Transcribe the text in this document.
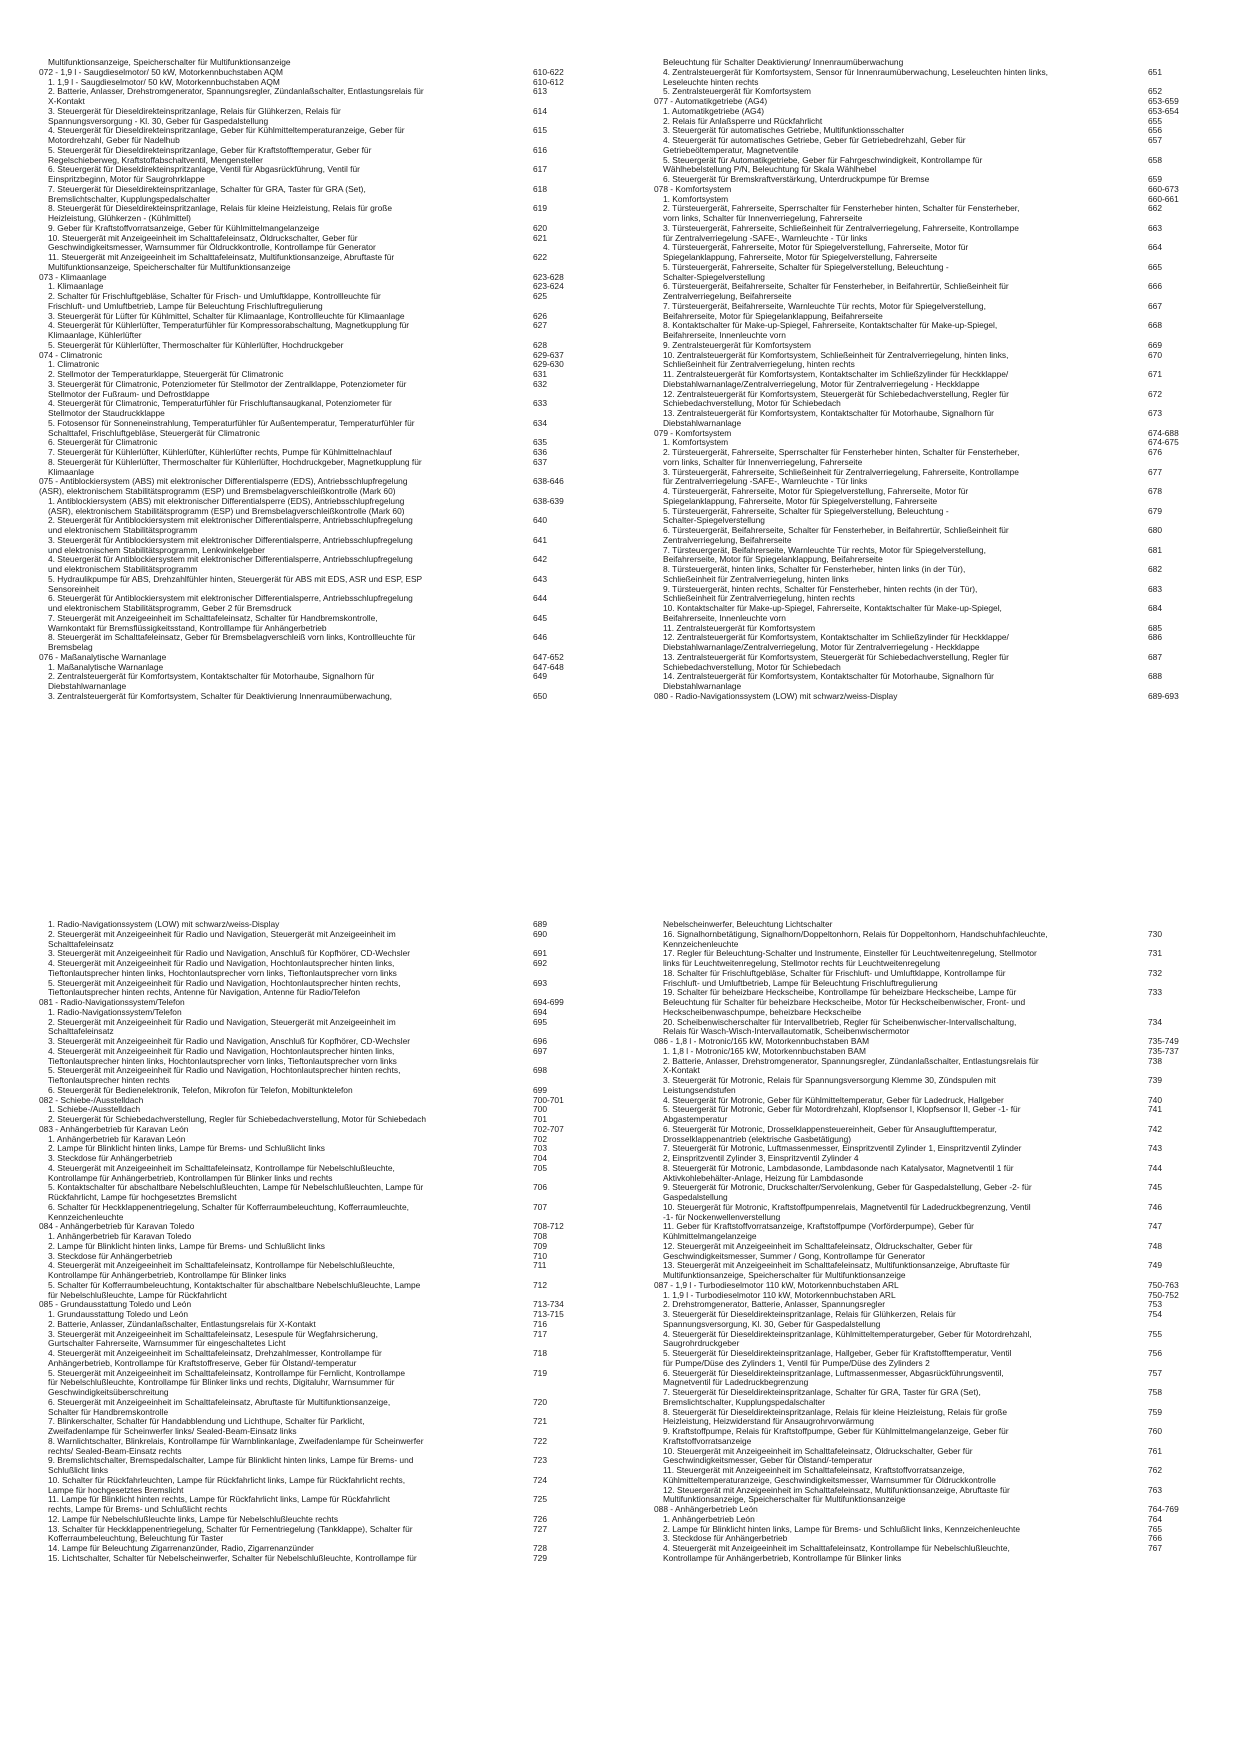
Multifunktionsanzeige, Speicherschalter für Multifunktionsanzeige
072 - 1,9 l - Saugdieselmotor/ 50 kW, Motorkennbuchstaben AQM	610-622
1. 1,9 l - Saugdieselmotor/ 50 kW, Motorkennbuchstaben AQM	610-612
2. Batterie, Anlasser, Drehstromgenerator, Spannungsregler, Zündanlaßschalter, Entlastungsrelais für	613
X-Kontakt
3. Steuergerät für Dieseldirekteinspritzanlage, Relais für Glühkerzen, Relais für	614
Spannungsversorgung - Kl. 30, Geber für Gaspedalstellung
4. Steuergerät für Dieseldirekteinspritzanlage, Geber für Kühlmitteltemperaturanzeige, Geber für	615
Motordrehzahl, Geber für Nadelhub
5. Steuergerät für Dieseldirekteinspritzanlage, Geber für Kraftstofftemperatur, Geber für	616
Regelschieberweg, Kraftstoffabschaltventil, Mengensteller
6. Steuergerät für Dieseldirekteinspritzanlage, Ventil für Abgasrückführung, Ventil für	617
Einspritzbeginn, Motor für Saugrohrklappe
7. Steuergerät für Dieseldirekteinspritzanlage, Schalter für GRA, Taster für GRA (Set),	618
Bremslichtschalter, Kupplungspedalschalter
8. Steuergerät für Dieseldirekteinspritzanlage, Relais für kleine Heizleistung, Relais für große	619
Heizleistung, Glühkerzen - (Kühlmittel)
9. Geber für Kraftstoffvorratsanzeige, Geber für Kühlmittelmangelanzeige	620
10. Steuergerät mit Anzeigeeinheit im Schalttafeleinsatz, Öldruckschalter, Geber für	621
Geschwindigkeitsmesser, Warnsummer für Öldruckkontrolle, Kontrollampe für Generator
11. Steuergerät mit Anzeigeeinheit im Schalttafeleinsatz, Multifunktionsanzeige, Abruftaste für	622
Multifunktionsanzeige, Speicherschalter für Multifunktionsanzeige
073 - Klimaanlage	623-628
1. Klimaanlage	623-624
2. Schalter für Frischluftgebläse, Schalter für Frisch- und Umluftklappe, Kontrollleuchte für	625
Frischluft- und Umluftbetrieb, Lampe für Beleuchtung Frischluftregulierung
3. Steuergerät für Lüfter für Kühlmittel, Schalter für Klimaanlage, Kontrollleuchte für Klimaanlage	626
4. Steuergerät für Kühlerlüfter, Temperaturfühler für Kompressorabschaltung, Magnetkupplung für	627
Klimaanlage, Kühlerlüfter
5. Steuergerät für Kühlerlüfter, Thermoschalter für Kühlerlüfter, Hochdruckgeber	628
074 - Climatronic	629-637
1. Climatronic	629-630
2. Stellmotor der Temperaturklappe, Steuergerät für Climatronic	631
3. Steuergerät für Climatronic, Potenziometer für Stellmotor der Zentralklappe, Potenziometer für	632
Stellmotor der Fußraum- und Defrostklappe
4. Steuergerät für Climatronic, Temperaturfühler für Frischluftansaugkanal, Potenziometer für	633
Stellmotor der Staudruckklappe
5. Fotosensor für Sonneneinstrahlung, Temperaturfühler für Außentemperatur, Temperaturfühler für	634
Schalttafel, Frischluftgebläse, Steuergerät für Climatronic
6. Steuergerät für Climatronic	635
7. Steuergerät für Kühlerlüfter, Kühlerlüfter, Kühlerlüfter rechts, Pumpe für Kühlmittelnachlauf	636
8. Steuergerät für Kühlerlüfter, Thermoschalter für Kühlerlüfter, Hochdruckgeber, Magnetkupplung für	637
Klimaanlage
075 - Antiblockiersystem (ABS) mit elektronischer Differentialsperre (EDS), Antriebsschlupfregelung	638-646
(ASR), elektronischem Stabilitätsprogramm (ESP) und Bremsbelagverschleißkontrolle (Mark 60)
1. Antiblockiersystem (ABS) mit elektronischer Differentialsperre (EDS), Antriebsschlupfregelung	638-639
(ASR), elektronischem Stabilitätsprogramm (ESP) und Bremsbelagverschleißkontrolle (Mark 60)
2. Steuergerät für Antiblockiersystem mit elektronischer Differentialsperre, Antriebsschlupfregelung	640
und elektronischem Stabilitätsprogramm
3. Steuergerät für Antiblockiersystem mit elektronischer Differentialsperre, Antriebsschlupfregelung	641
und elektronischem Stabilitätsprogramm, Lenkwinkelgeber
4. Steuergerät für Antiblockiersystem mit elektronischer Differentialsperre, Antriebsschlupfregelung	642
und elektronischem Stabilitätsprogramm
5. Hydraulikpumpe für ABS, Drehzahlfühler hinten, Steuergerät für ABS mit EDS, ASR und ESP, ESP	643
Sensoreinheit
6. Steuergerät für Antiblockiersystem mit elektronischer Differentialsperre, Antriebsschlupfregelung	644
und elektronischem Stabilitätsprogramm, Geber 2 für Bremsdruck
7. Steuergerät mit Anzeigeeinheit im Schalttafeleinsatz, Schalter für Handbremskontrolle,	645
Warnkontakt für Bremsflüssigkeitsstand, Kontrolllampe für Anhängerbetrieb
8. Steuergerät im Schalttafeleinsatz, Geber für Bremsbelagverschleiß vorn links, Kontrollleuchte für	646
Bremsbelag
076 - Maßanalytische Warnanlage	647-652
1. Maßanalytische Warnanlage	647-648
2. Zentralsteuergerät für Komfortsystem, Kontaktschalter für Motorhaube, Signalhorn für	649
Diebstahlwarnanlage
3. Zentralsteuergerät für Komfortsystem, Schalter für Deaktivierung Innenraumüberwachung,	650
Beleuchtung für Schalter Deaktivierung/ Innenraumüberwachung
4. Zentralsteuergerät für Komfortsystem, Sensor für Innenraumüberwachung, Leseleuchten hinten links,	651
Leseleuchte hinten rechts
5. Zentralsteuergerät für Komfortsystem	652
077 - Automatikgetriebe (AG4)	653-659
1. Automatikgetriebe (AG4)	653-654
2. Relais für Anlaßsperre und Rückfahrlicht	655
3. Steuergerät für automatisches Getriebe, Multifunktionsschalter	656
4. Steuergerät für automatisches Getriebe, Geber für Getriebedrehzahl, Geber für	657
Getriebeöltemperatur, Magnetventile
5. Steuergerät für Automatikgetriebe, Geber für Fahrgeschwindigkeit, Kontrollampe für	658
Wählhebelstellung P/N, Beleuchtung für Skala Wählhebel
6. Steuergerät für Bremskraftverstärkung, Unterdruckpumpe für Bremse	659
078 - Komfortsystem	660-673
1. Komfortsystem	660-661
2. Türsteuergerät, Fahrerseite, Sperrschalter für Fensterheber hinten, Schalter für Fensterheber,	662
vorn links, Schalter für Innenverriegelung, Fahrerseite
3. Türsteuergerät, Fahrerseite, Schließeinheit für Zentralverriegelung, Fahrerseite, Kontrollampe	663
für Zentralverriegelung -SAFE-, Warnleuchte - Tür links
4. Türsteuergerät, Fahrerseite, Motor für Spiegelverstellung, Fahrerseite, Motor für	664
Spiegelanklappung, Fahrerseite, Motor für Spiegelverstellung, Fahrerseite
5. Türsteuergerät, Fahrerseite, Schalter für Spiegelverstellung, Beleuchtung -	665
Schalter-Spiegelverstellung
6. Türsteuergerät, Beifahrerseite, Schalter für Fensterheber, in Beifahrertür, Schließeinheit für	666
Zentralverriegelung, Beifahrerseite
7. Türsteuergerät, Beifahrerseite, Warnleuchte Tür rechts, Motor für Spiegelverstellung,	667
Beifahrerseite, Motor für Spiegelanklappung, Beifahrerseite
8. Kontaktschalter für Make-up-Spiegel, Fahrerseite, Kontaktschalter für Make-up-Spiegel,	668
Beifahrerseite, Innenleuchte vorn
9. Zentralsteuergerät für Komfortsystem	669
10. Zentralsteuergerät für Komfortsystem, Schließeinheit für Zentralverriegelung, hinten links,	670
Schließeinheit für Zentralverriegelung, hinten rechts
11. Zentralsteuergerät für Komfortsystem, Kontaktschalter im Schließzylinder für Heckklappe/	671
Diebstahlwarnanlage/Zentralverriegelung, Motor für Zentralverriegelung - Heckklappe
12. Zentralsteuergerät für Komfortsystem, Steuergerät für Schiebedachverstellung, Regler für	672
Schiebedachverstellung, Motor für Schiebedach
13. Zentralsteuergerät für Komfortsystem, Kontaktschalter für Motorhaube, Signalhorn für	673
Diebstahlwarnanlage
079 - Komfortsystem	674-688
1. Komfortsystem	674-675
2. Türsteuergerät, Fahrerseite, Sperrschalter für Fensterheber hinten, Schalter für Fensterheber,	676
vorn links, Schalter für Innenverriegelung, Fahrerseite
3. Türsteuergerät, Fahrerseite, Schließeinheit für Zentralverriegelung, Fahrerseite, Kontrollampe	677
für Zentralverriegelung -SAFE-, Warnleuchte - Tür links
4. Türsteuergerät, Fahrerseite, Motor für Spiegelverstellung, Fahrerseite, Motor für	678
Spiegelanklappung, Fahrerseite, Motor für Spiegelverstellung, Fahrerseite
5. Türsteuergerät, Fahrerseite, Schalter für Spiegelverstellung, Beleuchtung -	679
Schalter-Spiegelverstellung
6. Türsteuergerät, Beifahrerseite, Schalter für Fensterheber, in Beifahrertür, Schließeinheit für	680
Zentralverriegelung, Beifahrerseite
7. Türsteuergerät, Beifahrerseite, Warnleuchte Tür rechts, Motor für Spiegelverstellung,	681
Beifahrerseite, Motor für Spiegelanklappung, Beifahrerseite
8. Türsteuergerät, hinten links, Schalter für Fensterheber, hinten links (in der Tür),	682
Schließeinheit für Zentralverriegelung, hinten links
9. Türsteuergerät, hinten rechts, Schalter für Fensterheber, hinten rechts (in der Tür),	683
Schließeinheit für Zentralverriegelung, hinten rechts
10. Kontaktschalter für Make-up-Spiegel, Fahrerseite, Kontaktschalter für Make-up-Spiegel,	684
Beifahrerseite, Innenleuchte vorn
11. Zentralsteuergerät für Komfortsystem	685
12. Zentralsteuergerät für Komfortsystem, Kontaktschalter im Schließzylinder für Heckklappe/	686
Diebstahlwarnanlage/Zentralverriegelung, Motor für Zentralverriegelung - Heckklappe
13. Zentralsteuergerät für Komfortsystem, Steuergerät für Schiebedachverstellung, Regler für	687
Schiebedachverstellung, Motor für Schiebedach
14. Zentralsteuergerät für Komfortsystem, Kontaktschalter für Motorhaube, Signalhorn für	688
Diebstahlwarnanlage
080 - Radio-Navigationssystem (LOW) mit schwarz/weiss-Display	689-693
1. Radio-Navigationssystem (LOW) mit schwarz/weiss-Display	689
2. Steuergerät mit Anzeigeeinheit für Radio und Navigation, Steuergerät mit Anzeigeeinheit im	690
Schalttafeleinsatz
3. Steuergerät mit Anzeigeeinheit für Radio und Navigation, Anschluß für Kopfhörer, CD-Wechsler	691
4. Steuergerät mit Anzeigeeinheit für Radio und Navigation, Hochtonlautsprecher hinten links,	692
Tieftonlautsprecher hinten links, Hochtonlautsprecher vorn links, Tieftonlautsprecher vorn links
5. Steuergerät mit Anzeigeeinheit für Radio und Navigation, Hochtonlautsprecher hinten rechts,	693
Tieftonlautsprecher hinten rechts, Antenne für Navigation, Antenne für Radio/Telefon
081 - Radio-Navigationssystem/Telefon	694-699
1. Radio-Navigationssystem/Telefon	694
2. Steuergerät mit Anzeigeeinheit für Radio und Navigation, Steuergerät mit Anzeigeeinheit im	695
Schalttafeleinsatz
3. Steuergerät mit Anzeigeeinheit für Radio und Navigation, Anschluß für Kopfhörer, CD-Wechsler	696
4. Steuergerät mit Anzeigeeinheit für Radio und Navigation, Hochtonlautsprecher hinten links,	697
Tieftonlautsprecher hinten links, Hochtonlautsprecher vorn links, Tieftonlautsprecher vorn links
5. Steuergerät mit Anzeigeeinheit für Radio und Navigation, Hochtonlautsprecher hinten rechts,	698
Tieftonlautsprecher hinten rechts
6. Steuergerät für Bedienelektronik, Telefon, Mikrofon für Telefon, Mobiltunktelefon	699
082 - Schiebe-/Ausstelldach	700-701
1. Schiebe-/Ausstelldach	700
2. Steuergerät für Schiebedachverstellung, Regler für Schiebedachverstellung, Motor für Schiebedach	701
083 - Anhängerbetrieb für Karavan León	702-707
1. Anhängerbetrieb für Karavan León	702
2. Lampe für Blinklicht hinten links, Lampe für Brems- und Schlußlicht links	703
3. Steckdose für Anhängerbetrieb	704
4. Steuergerät mit Anzeigeeinheit im Schalttafeleinsatz, Kontrollampe für Nebelschlußleuchte,	705
Kontrollampe für Anhängerbetrieb, Kontrollampen für Blinker links und rechts
5. Kontaktschalter für abschaltbare Nebelschlußleuchten, Lampe für Nebelschlußleuchten, Lampe für	706
Rückfahrlicht, Lampe für hochgesetztes Bremslicht
6. Schalter für Heckklappenentriegelung, Schalter für Kofferraumbeleuchtung, Kofferraumleuchte,	707
Kennzeichenleuchte
084 - Anhängerbetrieb für Karavan Toledo	708-712
1. Anhängerbetrieb für Karavan Toledo	708
2. Lampe für Blinklicht hinten links, Lampe für Brems- und Schlußlicht links	709
3. Steckdose für Anhängerbetrieb	710
4. Steuergerät mit Anzeigeeinheit im Schalttafeleinsatz, Kontrollampe für Nebelschlußleuchte,	711
Kontrollampe für Anhängerbetrieb, Kontrollampe für Blinker links
5. Schalter für Kofferraumbeleuchtung, Kontaktschalter für abschaltbare Nebelschlußleuchte, Lampe	712
für Nebelschlußleuchte, Lampe für Rückfahrlicht
085 - Grundausstattung Toledo und León	713-734
1. Grundausstattung Toledo und León	713-715
2. Batterie, Anlasser, Zündanlaßschalter, Entlastungsrelais für X-Kontakt	716
3. Steuergerät mit Anzeigeeinheit im Schalttafeleinsatz, Lesespule für Wegfahrsicherung,	717
Gurtschalter Fahrerseite, Warnsummer für eingeschaltetes Licht
4. Steuergerät mit Anzeigeeinheit im Schalttafeleinsatz, Drehzahlmesser, Kontrollampe für	718
Anhängerbetrieb, Kontrollampe für Kraftstoffreserve, Geber für Ölstand/-temperatur
5. Steuergerät mit Anzeigeeinheit im Schalttafeleinsatz, Kontrollampe für Fernlicht, Kontrollampe	719
für Nebelschlußleuchte, Kontrollampe für Blinker links und rechts, Digitaluhr, Warnsummer für
Geschwindigkeitsüberschreitung
6. Steuergerät mit Anzeigeeinheit im Schalttafeleinsatz, Abruftaste für Multifunktionsanzeige,	720
Schalter für Handbremskontrolle
7. Blinkerschalter, Schalter für Handabblendung und Lichthupe, Schalter für Parklicht,	721
Zweifadenlampe für Scheinwerfer links/ Sealed-Beam-Einsatz links
8. Warnlichtschalter, Blinkrelais, Kontrollampe für Warnblinkanlage, Zweifadenlampe für Scheinwerfer	722
rechts/ Sealed-Beam-Einsatz rechts
9. Bremslichtschalter, Bremspedalschalter, Lampe für Blinklicht hinten links, Lampe für Brems- und	723
Schlußlicht links
10. Schalter für Rückfahrleuchten, Lampe für Rückfahrlicht links, Lampe für Rückfahrlicht rechts,	724
Lampe für hochgesetztes Bremslicht
11. Lampe für Blinklicht hinten rechts, Lampe für Rückfahrlicht links, Lampe für Rückfahrlicht	725
rechts, Lampe für Brems- und Schlußlicht rechts
12. Lampe für Nebelschlußleuchte links, Lampe für Nebelschlußleuchte rechts	726
13. Schalter für Heckklappenentriegelung, Schalter für Fernentriegelung (Tankklappe), Schalter für	727
Kofferraumbeleuchtung, Beleuchtung für Taster
14. Lampe für Beleuchtung Zigarrenanzünder, Radio, Zigarrenanzünder	728
15. Lichtschalter, Schalter für Nebelscheinwerfer, Schalter für Nebelschlußleuchte, Kontrollampe für	729
Nebelscheinwerfer, Beleuchtung Lichtschalter
16. Signalhornbetätigung, Signalhorn/Doppeltonhorn, Relais für Doppeltonhorn, Handschuhfachleuchte,	730
Kennzeichenleuchte
17. Regler für Beleuchtung-Schalter und Instrumente, Einsteller für Leuchtweitenregelung, Stellmotor	731
links für Leuchtweitenregelung, Stellmotor rechts für Leuchtweitenregelung
18. Schalter für Frischluftgebläse, Schalter für Frischluft- und Umluftklappe, Kontrollampe für	732
Frischluft- und Umluftbetrieb, Lampe für Beleuchtung Frischluftregulierung
19. Schalter für beheizbare Heckscheibe, Kontrollampe für beheizbare Heckscheibe, Lampe für	733
Beleuchtung für Schalter für beheizbare Heckscheibe, Motor für Heckscheibenwischer, Front- und
Heckscheibenwaschpumpe, beheizbare Heckscheibe
20. Scheibenwischerschalter für Intervallbetrieb, Regler für Scheibenwischer-Intervallschaltung,	734
Relais für Wasch-Wisch-Intervallautomatik, Scheibenwischermotor
086 - 1,8 l - Motronic/165 kW, Motorkennbuchstaben BAM	735-749
1. 1,8 l - Motronic/165 kW, Motorkennbuchstaben BAM	735-737
2. Batterie, Anlasser, Drehstromgenerator, Spannungsregler, Zündanlaßschalter, Entlastungsrelais für	738
X-Kontakt
3. Steuergerät für Motronic, Relais für Spannungsversorgung Klemme 30, Zündspulen mit	739
Leistungsendstufen
4. Steuergerät für Motronic, Geber für Kühlmitteltemperatur, Geber für Ladedruck, Hallgeber	740
5. Steuergerät für Motronic, Geber für Motordrehzahl, Klopfsensor I, Klopfsensor II, Geber -1- für	741
Abgastemperatur
6. Steuergerät für Motronic, Drosselklappensteuereinheit, Geber für Ansauglufttemperatur,	742
Drosselklappenantrieb (elektrische Gasbetätigung)
7. Steuergerät für Motronic, Luftmassenmesser, Einspritzventil Zylinder 1, Einspritzventil Zylinder	743
2, Einspritzventil Zylinder 3, Einspritzventil Zylinder 4
8. Steuergerät für Motronic, Lambdasonde, Lambdasonde nach Katalysator, Magnetventil 1 für	744
Aktivkohlebehälter-Anlage, Heizung für Lambdasonde
9. Steuergerät für Motronic, Druckschalter/Servolenkung, Geber für Gaspedalstellung, Geber -2- für	745
Gaspedalstellung
10. Steuergerät für Motronic, Kraftstoffpumpenrelais, Magnetventil für Ladedruckbegrenzung, Ventil	746
-1- für Nockenwellenverstellung
11. Geber für Kraftstoffvorratsanzeige, Kraftstoffpumpe (Vorförderpumpe), Geber für	747
Kühlmittelmangelanzeige
12. Steuergerät mit Anzeigeeinheit im Schalttafeleinsatz, Öldruckschalter, Geber für	748
Geschwindigkeitsmesser, Summer / Gong, Kontrollampe für Generator
13. Steuergerät mit Anzeigeeinheit im Schalttafeleinsatz, Multifunktionsanzeige, Abruftaste für	749
Multifunktionsanzeige, Speicherschalter für Multifunktionsanzeige
087 - 1,9 l - Turbodieselmotor 110 kW, Motorkennbuchstaben ARL	750-763
1. 1,9 l - Turbodieselmotor 110 kW, Motorkennbuchstaben ARL	750-752
2. Drehstromgenerator, Batterie, Anlasser, Spannungsregler	753
3. Steuergerät für Dieseldirekteinspritzanlage, Relais für Glühkerzen, Relais für	754
Spannungsversorgung, Kl. 30, Geber für Gaspedalstellung
4. Steuergerät für Dieseldirekteinspritzanlage, Kühlmitteltemperaturgeber, Geber für Motordrehzahl,	755
Saugrohrdruckgeber
5. Steuergerät für Dieseldirekteinspritzanlage, Hallgeber, Geber für Kraftstofftemperatur, Ventil	756
für Pumpe/Düse des Zylinders 1, Ventil für Pumpe/Düse des Zylinders 2
6. Steuergerät für Dieseldirekteinspritzanlage, Luftmassenmesser, Abgasrückführungsventil,	757
Magnetventil für Ladedruckbegrenzung
7. Steuergerät für Dieseldirekteinspritzanlage, Schalter für GRA, Taster für GRA (Set),	758
Bremslichtschalter, Kupplungspedalschalter
8. Steuergerät für Dieseldirekteinspritzanlage, Relais für kleine Heizleistung, Relais für große	759
Heizleistung, Heizwiderstand für Ansaugrohrvorwärmung
9. Kraftstoffpumpe, Relais für Kraftstoffpumpe, Geber für Kühlmittelmangelanzeige, Geber für	760
Kraftstoffvorratsanzeige
10. Steuergerät mit Anzeigeeinheit im Schalttafeleinsatz, Öldruckschalter, Geber für	761
Geschwindigkeitsmesser, Geber für Ölstand/-temperatur
11. Steuergerät mit Anzeigeeinheit im Schalttafeleinsatz, Kraftstoffvorratsanzeige,	762
Kühlmitteltemperaturanzeige, Geschwindigkeitsmesser, Warnsummer für Öldruckkontrolle
12. Steuergerät mit Anzeigeeinheit im Schalttafeleinsatz, Multifunktionsanzeige, Abruftaste für	763
Multifunktionsanzeige, Speicherschalter für Multifunktionsanzeige
088 - Anhängerbetrieb León	764-769
1. Anhängerbetrieb León	764
2. Lampe für Blinklicht hinten links, Lampe für Brems- und Schlußlicht links, Kennzeichenleuchte	765
3. Steckdose für Anhängerbetrieb	766
4. Steuergerät mit Anzeigeeinheit im Schalttafeleinsatz, Kontrollampe für Nebelschlußleuchte,	767
Kontrollampe für Anhängerbetrieb, Kontrollampe für Blinker links
